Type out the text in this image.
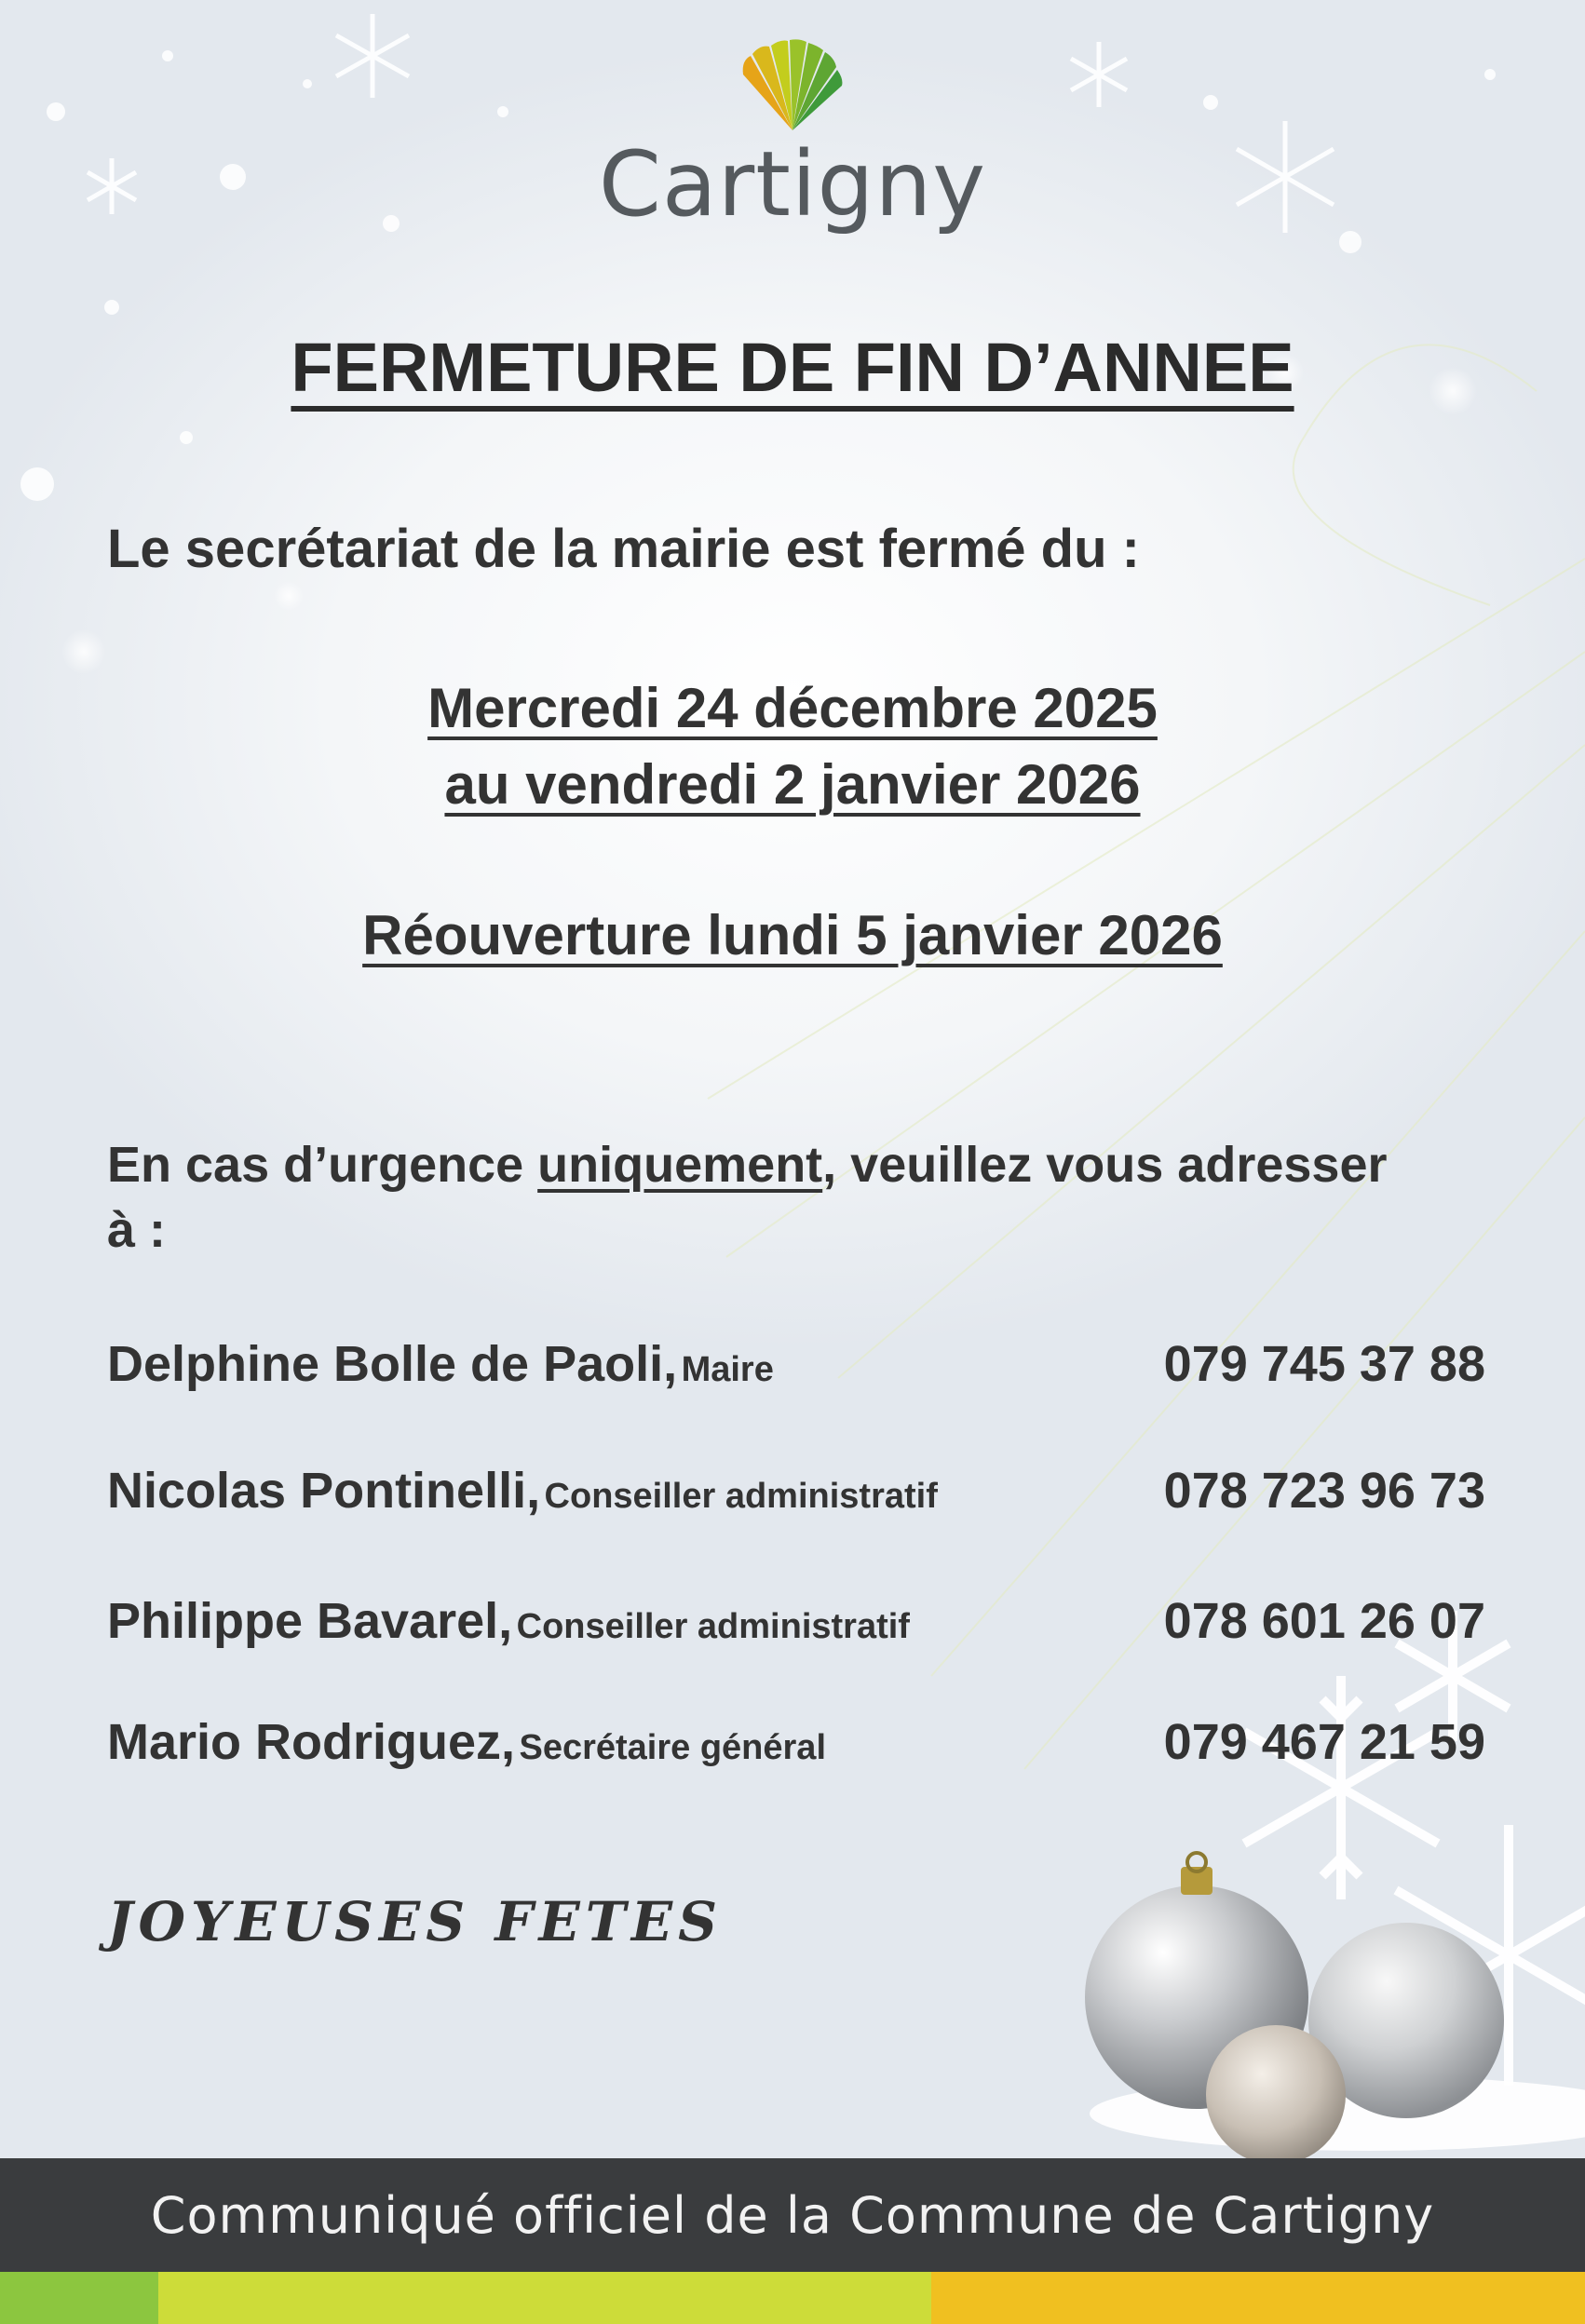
Cartigny
FERMETURE DE FIN D’ANNEE
Le secrétariat de la mairie est fermé du :
Mercredi 24 décembre 2025
au vendredi 2 janvier 2026
Réouverture lundi 5 janvier 2026
En cas d’urgence uniquement, veuillez vous adresser à :
Delphine Bolle de Paoli, Maire	079 745 37 88
Nicolas Pontinelli, Conseiller administratif	078 723 96 73
Philippe Bavarel, Conseiller administratif	078 601 26 07
Mario Rodriguez, Secrétaire général	079 467 21 59
JOYEUSES FETES
Communiqué officiel de la Commune de Cartigny
